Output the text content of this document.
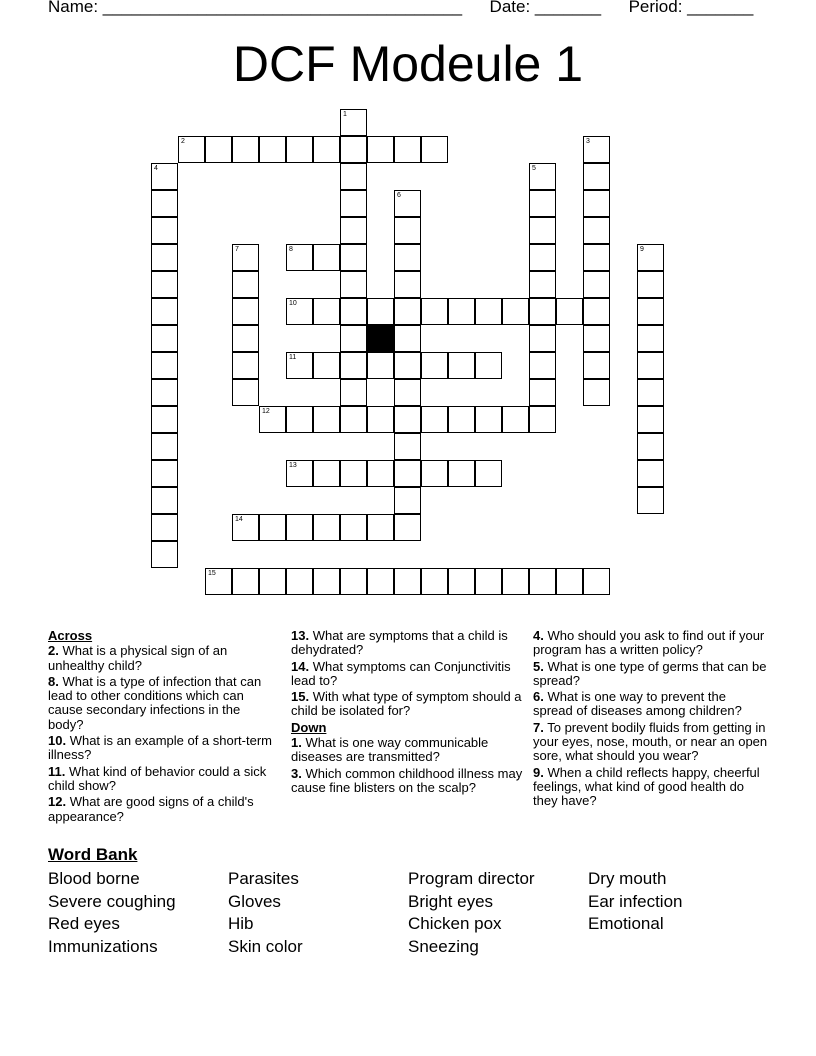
Name: ______________________________________ Date: _______ Period: _______
DCF Modeule 1
2
8
10
11
12
13
14
15
1
3
4	5
6
7	9

Across

2. What is a physical sign of an unhealthy child?

8. What is a type of infection that can lead to other conditions which can cause secondary infections in the body?

10. What is an example of a short-term illness?

11. What kind of behavior could a sick child show?

12. What are good signs of a child's appearance?

13. What are symptoms that a child is dehydrated?

14. What symptoms can Conjunctivitis lead to?

15. With what type of symptom should a child be isolated for?

Down

1. What is one way communicable diseases are transmitted?

3. Which common childhood illness may cause fine blisters on the scalp?

4. Who should you ask to find out if your program has a written policy?

5. What is one type of germs that can be spread?

6. What is one way to prevent the spread of diseases among children?

7. To prevent bodily fluids from getting in your eyes, nose, mouth, or near an open sore, what should you wear?

9. When a child reflects happy, cheerful feelings, what kind of good health do they have?

Word Bank
Blood borne
Severe coughing
Red eyes
Immunizations
Parasites
Gloves
Hib
Skin color
Program director
Bright eyes
Chicken pox
Sneezing
Dry mouth
Ear infection
Emotional
